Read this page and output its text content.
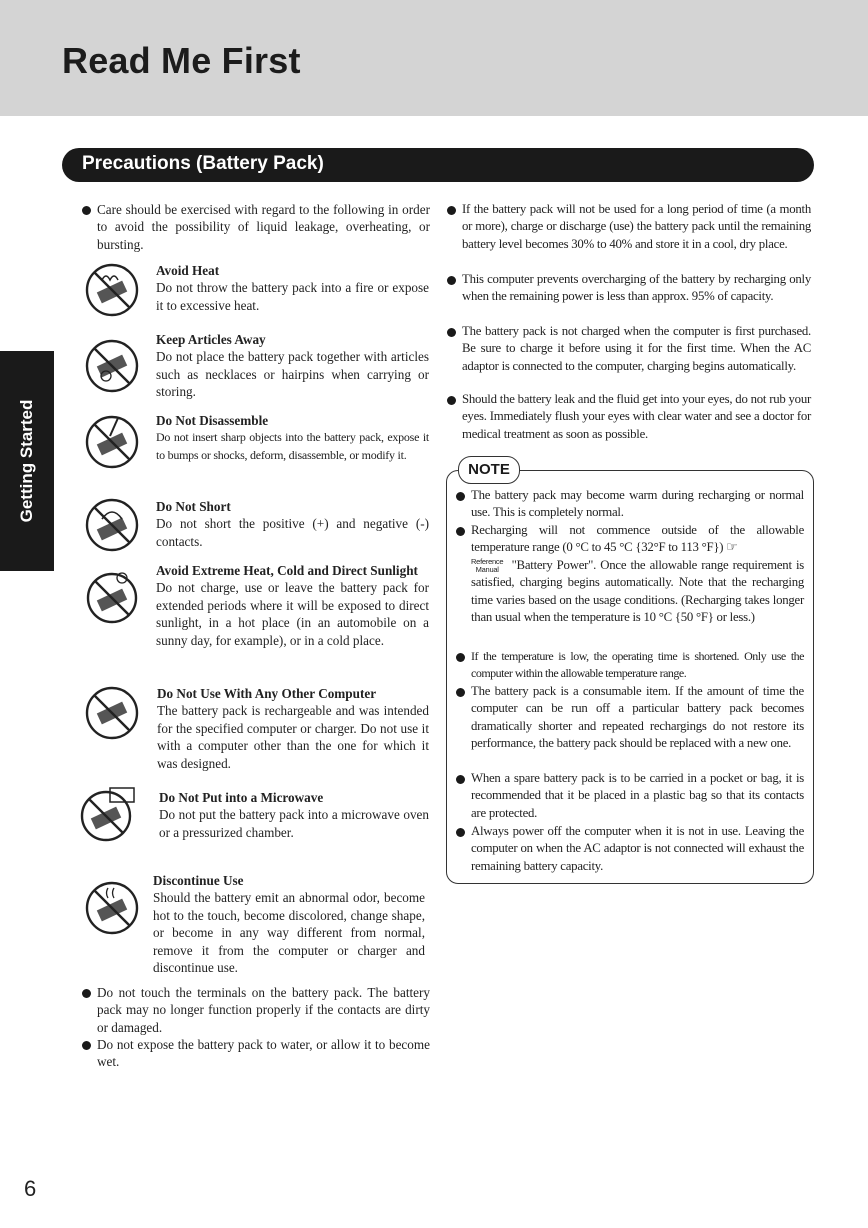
Read Me First
Precautions (Battery Pack)
Getting Started
Care should be exercised with regard to the following in order to avoid the possibility of liquid leakage, overheating, or bursting.
Avoid Heat
Do not throw the battery pack into a fire or expose it to excessive heat.
Keep Articles Away
Do not place the battery pack together with articles such as necklaces or hairpins when carrying or storing.
Do Not Disassemble
Do not insert sharp objects into the battery pack, expose it to bumps or shocks, deform, disassemble, or modify it.
Do Not Short
Do not short the positive (+) and negative (-) contacts.
Avoid Extreme Heat, Cold and Direct Sunlight
Do not charge, use or leave the battery pack for extended periods where it will be exposed to direct sunlight, in a hot place (in an automobile on a sunny day, for example), or in a cold place.
Do Not Use With Any Other Computer
The battery pack is rechargeable and was intended for the specified computer or charger. Do not use it with a computer other than the one for which it was designed.
Do Not Put into a Microwave
Do not put the battery pack into a microwave oven or a pressurized chamber.
Discontinue Use
Should the battery emit an abnormal odor, become hot to the touch, become discolored, change shape, or become in any way different from normal, remove it from the computer or charger and discontinue use.
Do not touch the terminals on the battery pack. The battery pack may no longer function properly if the contacts are dirty or damaged.
Do not expose the battery pack to water, or allow it to become wet.
If the battery pack will not be used for a long period of time (a month or more), charge or discharge (use) the battery pack until the remaining battery level becomes 30% to 40% and store it in a cool, dry place.
This computer prevents overcharging of the battery by recharging only when the remaining power is less than approx. 95% of capacity.
The battery pack is not charged when the computer is first purchased. Be sure to charge it before using it for the first time. When the AC adaptor is connected to the computer, charging begins automatically.
Should the battery leak and the fluid get into your eyes, do not rub your eyes. Immediately flush your eyes with clear water and see a doctor for medical treatment as soon as possible.
NOTE
The battery pack may become warm during recharging or normal use. This is completely normal.
Recharging will not commence outside of the allowable temperature range (0 °C to 45 °C {32°F to 113 °F}) ☞
Reference
Manual "Battery Power". Once the allowable range requirement is satisfied, charging begins automatically. Note that the recharging time varies based on the usage conditions. (Recharging takes longer than usual when the temperature is 10 °C {50 °F} or less.)
If the temperature is low, the operating time is shortened. Only use the computer within the allowable temperature range.
The battery pack is a consumable item. If the amount of time the computer can be run off a particular battery pack becomes dramatically shorter and repeated rechargings do not restore its performance, the battery pack should be replaced with a new one.
When a spare battery pack is to be carried in a pocket or bag, it is recommended that it be placed in a plastic bag so that its contacts are protected.
Always power off the computer when it is not in use. Leaving the computer on when the AC adaptor is not connected will exhaust the remaining battery capacity.
6
